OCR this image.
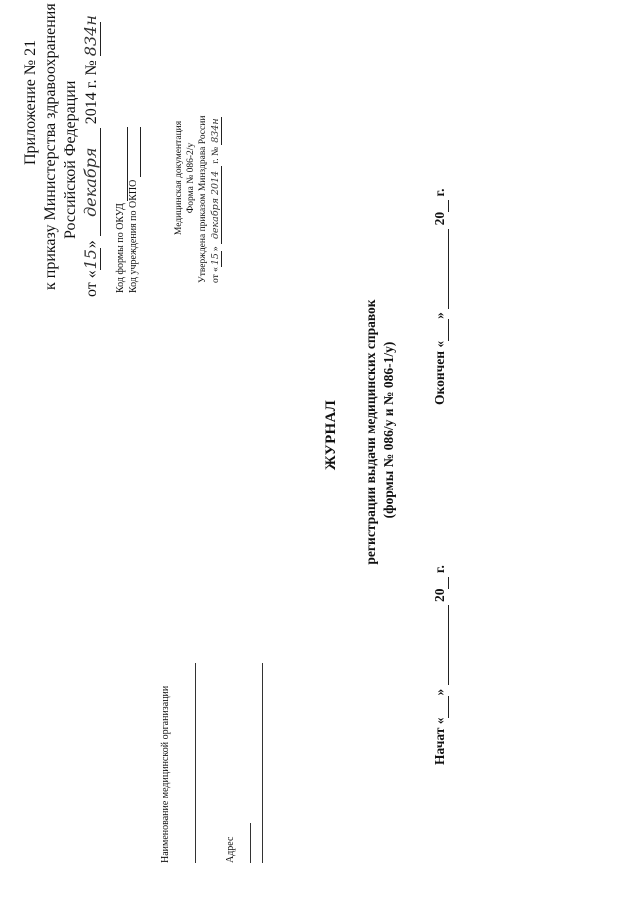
Приложение № 21 к приказу Министерства здравоохранения Российской Федерации
от «15» декабря 2014 г. № 834н
Код формы по ОКУД Код учреждения по ОКПО
Медицинская документация Форма № 086-2/у Утверждена приказом Минздрава России от «15» декабря 2014 г. № 834н
Наименование медицинской организации	Адрес
ЖУРНАЛ регистрации выдачи медицинских справок (формы № 086/у и № 086-1/у)
Начат « »   20  г.
Окончен « »   20  г.
